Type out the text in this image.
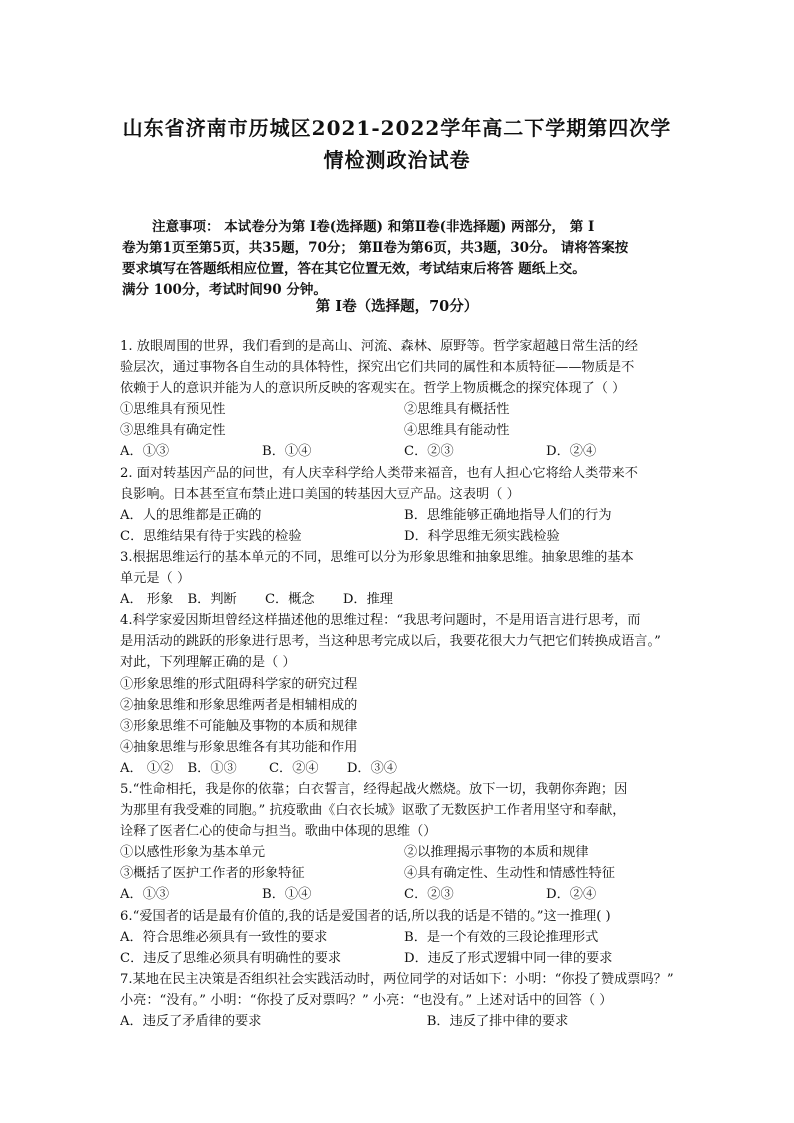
山东省济南市历城区2021-2022学年高二下学期第四次学
情检测政治试卷
注意事项： 本试卷分为第 Ⅰ卷(选择题) 和第Ⅱ卷(非选择题) 两部分， 第 Ⅰ
卷为第1页至第5页，共35题，70分； 第Ⅱ卷为第6页，共3题，30分。 请将答案按
要求填写在答题纸相应位置，答在其它位置无效，考试结束后将答 题纸上交。
满分 100分，考试时间90 分钟。
第 Ⅰ卷（选择题，70分）
1. 放眼周围的世界，我们看到的是高山、河流、森林、原野等。哲学家超越日常生活的经
验层次，通过事物各自生动的具体特性，探究出它们共同的属性和本质特征——物质是不
依赖于人的意识并能为人的意识所反映的客观实在。哲学上物质概念的探究体现了（ ）
①思维具有预见性	②思维具有概括性
③思维具有确定性	④思维具有能动性
A．①③	B．①④	C．②③	D．②④
2. 面对转基因产品的问世，有人庆幸科学给人类带来福音，也有人担心它将给人类带来不
良影响。日本甚至宣布禁止进口美国的转基因大豆产品。这表明（ ）
A．人的思维都是正确的	B．思维能够正确地指导人们的行为
C．思维结果有待于实践的检验	D．科学思维无须实践检验
3.根据思维运行的基本单元的不同，思维可以分为形象思维和抽象思维。抽象思维的基本
单元是（ ）
A． 形象 B．判断 C．概念 D．推理
4.科学家爱因斯坦曾经这样描述他的思维过程：“我思考问题时，不是用语言进行思考，而
是用活动的跳跃的形象进行思考，当这种思考完成以后，我要花很大力气把它们转换成语言。”
对此，下列理解正确的是（ ）
①形象思维的形式阻碍科学家的研究过程
②抽象思维和形象思维两者是相辅相成的
③形象思维不可能触及事物的本质和规律
④抽象思维与形象思维各有其功能和作用
A． ①② B．①③ C．②④ D．③④
5.“性命相托，我是你的依靠；白衣誓言，经得起战火燃烧。放下一切，我朝你奔跑；因
为那里有我受难的同胞。” 抗疫歌曲《白衣长城》讴歌了无数医护工作者用坚守和奉献，
诠释了医者仁心的使命与担当。歌曲中体现的思维（）
①以感性形象为基本单元	②以推理揭示事物的本质和规律
③概括了医护工作者的形象特征	④具有确定性、生动性和情感性特征
A．①③	B．①④	C．②③	D．②④
6.“爱国者的话是最有价值的,我的话是爱国者的话,所以我的话是不错的。”这一推理( )
A．符合思维必须具有一致性的要求	B．是一个有效的三段论推理形式
C．违反了思维必须具有明确性的要求	D．违反了形式逻辑中同一律的要求
7.某地在民主决策是否组织社会实践活动时，两位同学的对话如下：小明：“你投了赞成票吗？”
小亮：“没有。” 小明：“你投了反对票吗？” 小亮：“也没有。” 上述对话中的回答（ ）
A．违反了矛盾律的要求	B．违反了排中律的要求
